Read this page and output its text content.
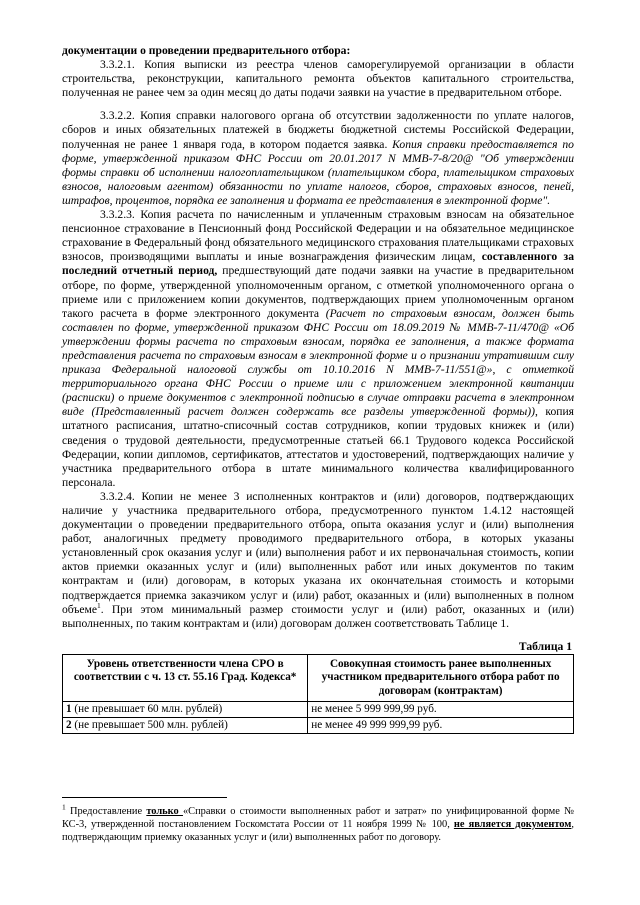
документации о проведении предварительного отбора:

3.3.2.1. Копия выписки из реестра членов саморегулируемой организации в области строительства, реконструкции, капитального ремонта объектов капитального строительства, полученная не ранее чем за один месяц до даты подачи заявки на участие в предварительном отборе.

3.3.2.2. Копия справки налогового органа об отсутствии задолженности по уплате налогов, сборов и иных обязательных платежей в бюджеты бюджетной системы Российской Федерации, полученная не ранее 1 января года, в котором подается заявка. Копия справки предоставляется по форме, утвержденной приказом ФНС России от 20.01.2017 N ММВ-7-8/20@ "Об утверждении формы справки об исполнении налогоплательщиком (плательщиком сбора, плательщиком страховых взносов, налоговым агентом) обязанности по уплате налогов, сборов, страховых взносов, пеней, штрафов, процентов, порядка ее заполнения и формата ее представления в электронной форме".

3.3.2.3. Копия расчета по начисленным и уплаченным страховым взносам на обязательное пенсионное страхование в Пенсионный фонд Российской Федерации и на обязательное медицинское страхование в Федеральный фонд обязательного медицинского страхования плательщиками страховых взносов, производящими выплаты и иные вознаграждения физическим лицам, составленного за последний отчетный период, предшествующий дате подачи заявки на участие в предварительном отборе, по форме, утвержденной уполномоченным органом, с отметкой уполномоченного органа о приеме или с приложением копии документов, подтверждающих прием уполномоченным органом такого расчета в форме электронного документа (Расчет по страховым взносам, должен быть составлен по форме, утвержденной приказом ФНС России от 18.09.2019 № ММВ-7-11/470@ «Об утверждении формы расчета по страховым взносам, порядка ее заполнения, а также формата представления расчета по страховым взносам в электронной форме и о признании утратившим силу приказа Федеральной налоговой службы от 10.10.2016 N ММВ-7-11/551@», с отметкой территориального органа ФНС России о приеме или с приложением электронной квитанции (расписки) о приеме документов с электронной подписью в случае отправки расчета в электронном виде (Представленный расчет должен содержать все разделы утвержденной формы)), копия штатного расписания, штатно-списочный состав сотрудников, копии трудовых книжек и (или) сведения о трудовой деятельности, предусмотренные статьей 66.1 Трудового кодекса Российской Федерации, копии дипломов, сертификатов, аттестатов и удостоверений, подтверждающих наличие у участника предварительного отбора в штате минимального количества квалифицированного персонала.

3.3.2.4. Копии не менее 3 исполненных контрактов и (или) договоров, подтверждающих наличие у участника предварительного отбора, предусмотренного пунктом 1.4.12 настоящей документации о проведении предварительного отбора, опыта оказания услуг и (или) выполнения работ, аналогичных предмету проводимого предварительного отбора, в которых указаны установленный срок оказания услуг и (или) выполнения работ и их первоначальная стоимость, копии актов приемки оказанных услуг и (или) выполненных работ или иных документов по таким контрактам и (или) договорам, в которых указана их окончательная стоимость и которыми подтверждается приемка заказчиком услуг и (или) работ, оказанных и (или) выполненных в полном объеме$^1$. При этом минимальный размер стоимости услуг и (или) работ, оказанных и (или) выполненных, по таким контрактам и (или) договорам должен соответствовать Таблице 1.

Таблица 1
Уровень ответственности члена СРО в соответствии с ч. 13 ст. 55.16 Град. Кодекса*	Совокупная стоимость ранее выполненных участником предварительного отбора работ по договорам (контрактам)
1 (не превышает 60 млн. рублей)	не менее 5 999 999,99 руб.
2 (не превышает 500 млн. рублей)	не менее 49 999 999,99 руб.
$^1$ Предоставление только «Справки о стоимости выполненных работ и затрат» по унифицированной форме № КС-3, утвержденной постановлением Госкомстата России от 11 ноября 1999 № 100, не является документом, подтверждающим приемку оказанных услуг и (или) выполненных работ по договору.
